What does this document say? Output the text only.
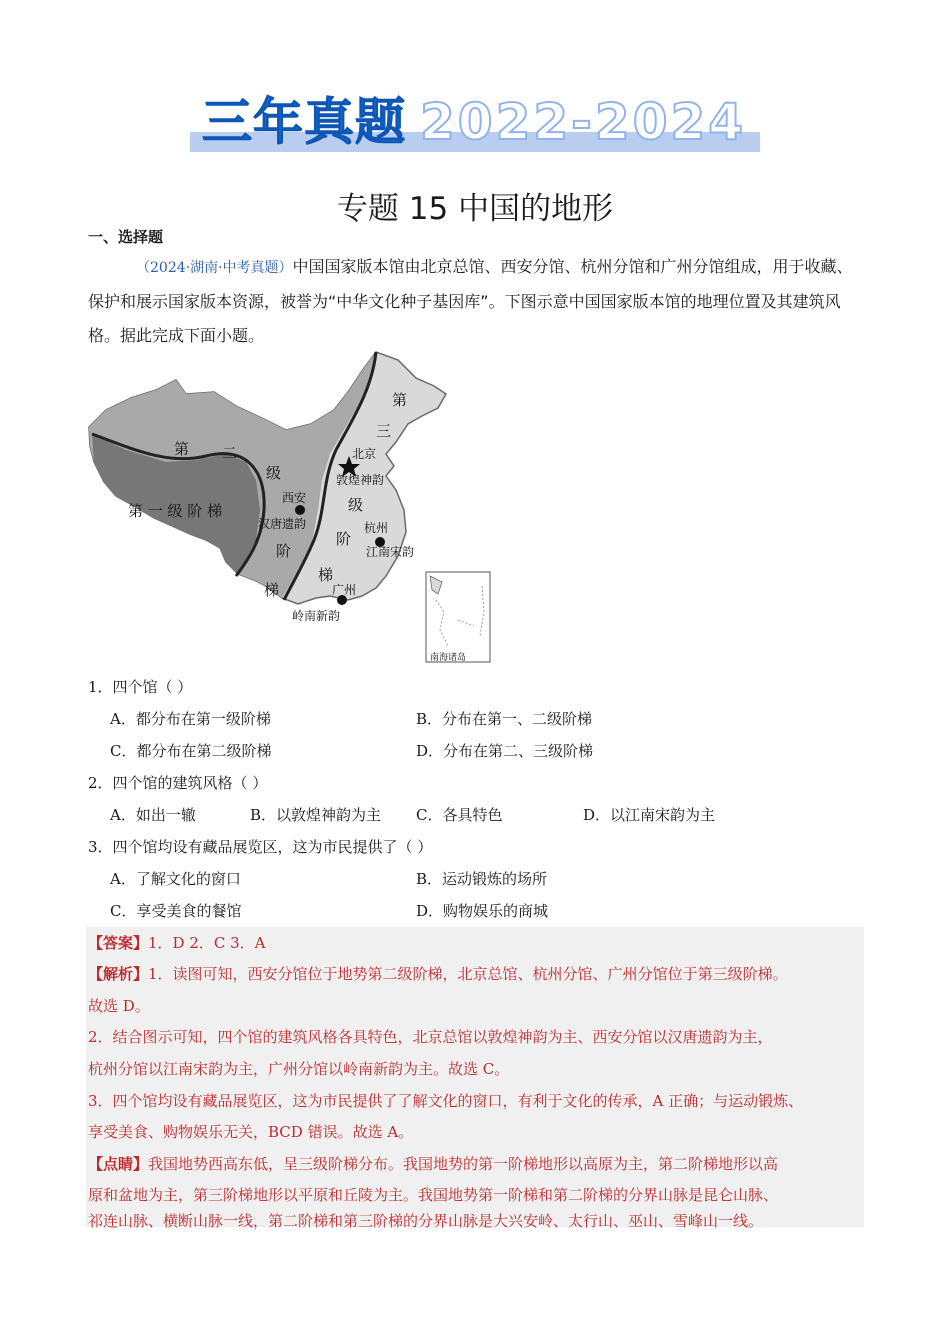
三年真题 2022-2024
专题 15 中国的地形
一、选择题
（2024·湖南·中考真题）中国国家版本馆由北京总馆、西安分馆、杭州分馆和广州分馆组成，用于收藏、保护和展示国家版本资源，被誉为“中华文化种子基因库”。下图示意中国国家版本馆的地理位置及其建筑风格。据此完成下面小题。
第 一 级 阶 梯
第 二
级
阶
梯
第
三
级
阶
梯
北京
敦煌神韵
西安
汉唐遗韵	杭州
江南宋韵
广州
岭南新韵
南海诸岛
1．四个馆（ ）
A．都分布在第一级阶梯	B．分布在第一、二级阶梯
C．都分布在第二级阶梯	D．分布在第二、三级阶梯
2．四个馆的建筑风格（ ）
A．如出一辙	B．以敦煌神韵为主 C．各具特色	D．以江南宋韵为主
3．四个馆均设有藏品展览区，这为市民提供了（ ）
A．了解文化的窗口	B．运动锻炼的场所
C．享受美食的餐馆	D．购物娱乐的商城
【答案】1．D 2．C 3．A
【解析】1．读图可知，西安分馆位于地势第二级阶梯，北京总馆、杭州分馆、广州分馆位于第三级阶梯。
故选 D。
2．结合图示可知，四个馆的建筑风格各具特色，北京总馆以敦煌神韵为主、西安分馆以汉唐遗韵为主，
杭州分馆以江南宋韵为主，广州分馆以岭南新韵为主。故选 C。
3．四个馆均设有藏品展览区，这为市民提供了了解文化的窗口，有利于文化的传承，A 正确；与运动锻炼、
享受美食、购物娱乐无关，BCD 错误。故选 A。
【点睛】我国地势西高东低，呈三级阶梯分布。我国地势的第一阶梯地形以高原为主，第二阶梯地形以高
原和盆地为主，第三阶梯地形以平原和丘陵为主。我国地势第一阶梯和第二阶梯的分界山脉是昆仑山脉、
祁连山脉、横断山脉一线，第二阶梯和第三阶梯的分界山脉是大兴安岭、太行山、巫山、雪峰山一线。
